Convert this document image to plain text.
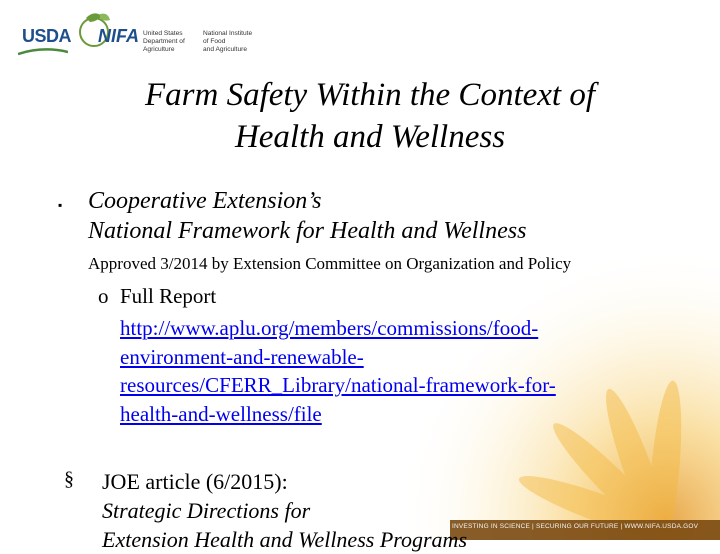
USDA NIFA United States
Department of
Agriculture
National Institute
of Food
and Agriculture
Farm Safety Within the Context of
Health and Wellness
▪ Cooperative Extension’s
National Framework for Health and Wellness
Approved 3/2014 by Extension Committee on Organization and Policy
o Full Report
http://www.aplu.org/members/commissions/food-
environment-and-renewable-
resources/CFERR_Library/national-framework-for-
health-and-wellness/file
§ JOE article (6/2015):
Strategic Directions for
Extension Health and Wellness Programs
INVESTING IN SCIENCE | SECURING OUR FUTURE | WWW.NIFA.USDA.GOV
